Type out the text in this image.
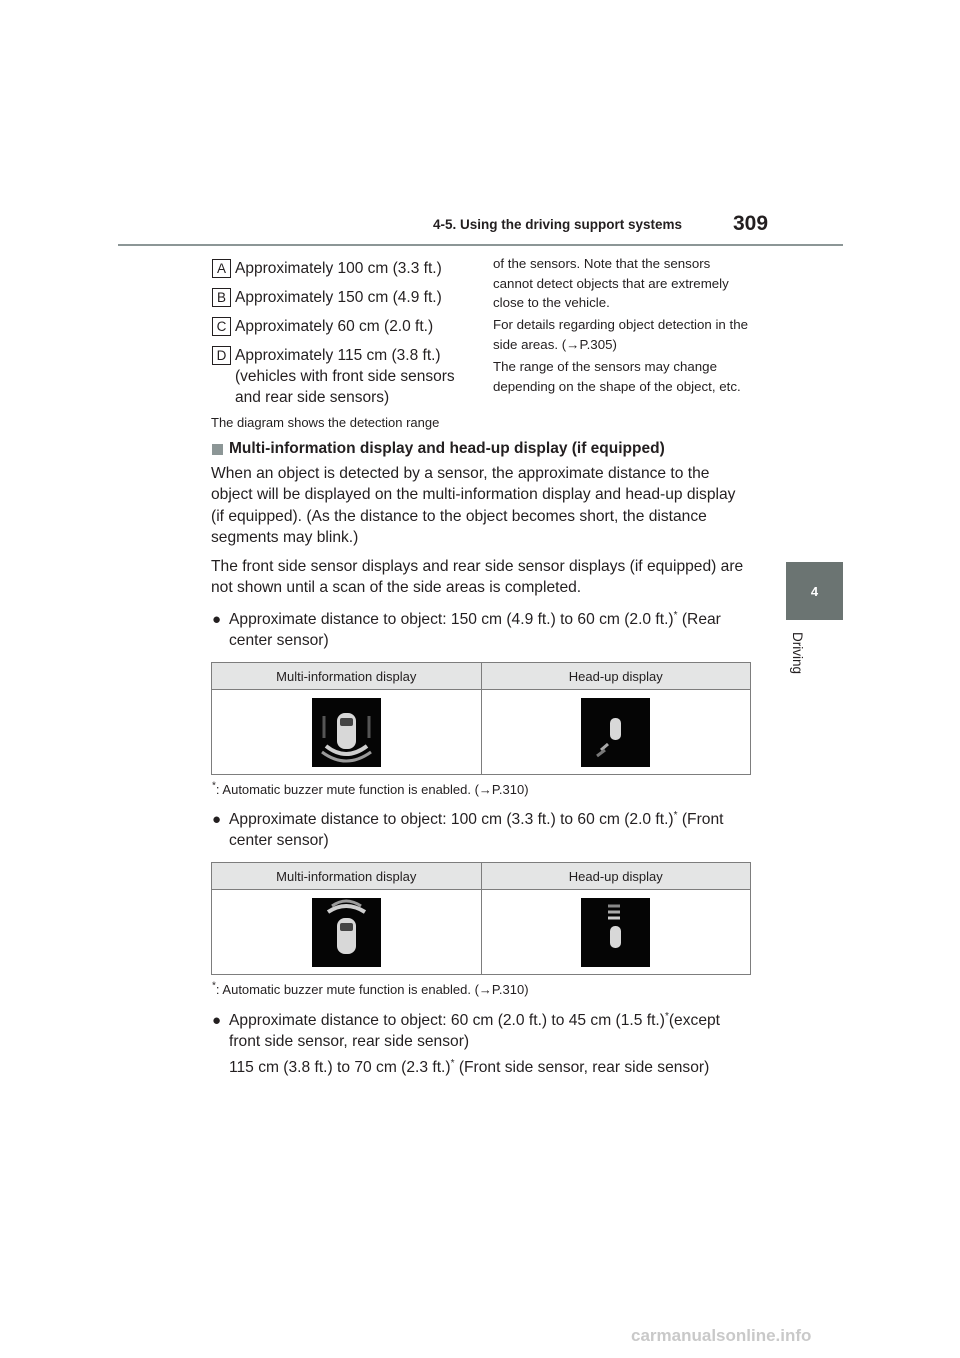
4-5. Using the driving support systems 309
4
Driving
A Approximately 100 cm (3.3 ft.)
B Approximately 150 cm (4.9 ft.)
C Approximately 60 cm (2.0 ft.)
D Approximately 115 cm (3.8 ft.) (vehicles with front side sensors and rear side sensors)
The diagram shows the detection range
of the sensors. Note that the sensors cannot detect objects that are extremely close to the vehicle.
For details regarding object detection in the side areas. (→P.305)
The range of the sensors may change depending on the shape of the object, etc.
Multi-information display and head-up display (if equipped)
When an object is detected by a sensor, the approximate distance to the object will be displayed on the multi-information display and head-up display (if equipped). (As the distance to the object becomes short, the distance segments may blink.)
The front side sensor displays and rear side sensor displays (if equipped) are not shown until a scan of the side areas is completed.
● Approximate distance to object: 150 cm (4.9 ft.) to 60 cm (2.0 ft.)* (Rear center sensor)
Multi-information display	Head-up display

*: Automatic buzzer mute function is enabled. (→P.310)
● Approximate distance to object: 100 cm (3.3 ft.) to 60 cm (2.0 ft.)* (Front center sensor)
Multi-information display	Head-up display

*: Automatic buzzer mute function is enabled. (→P.310)
● Approximate distance to object: 60 cm (2.0 ft.) to 45 cm (1.5 ft.)*(except front side sensor, rear side sensor)
115 cm (3.8 ft.) to 70 cm (2.3 ft.)* (Front side sensor, rear side sensor)
carmanualsonline.info
